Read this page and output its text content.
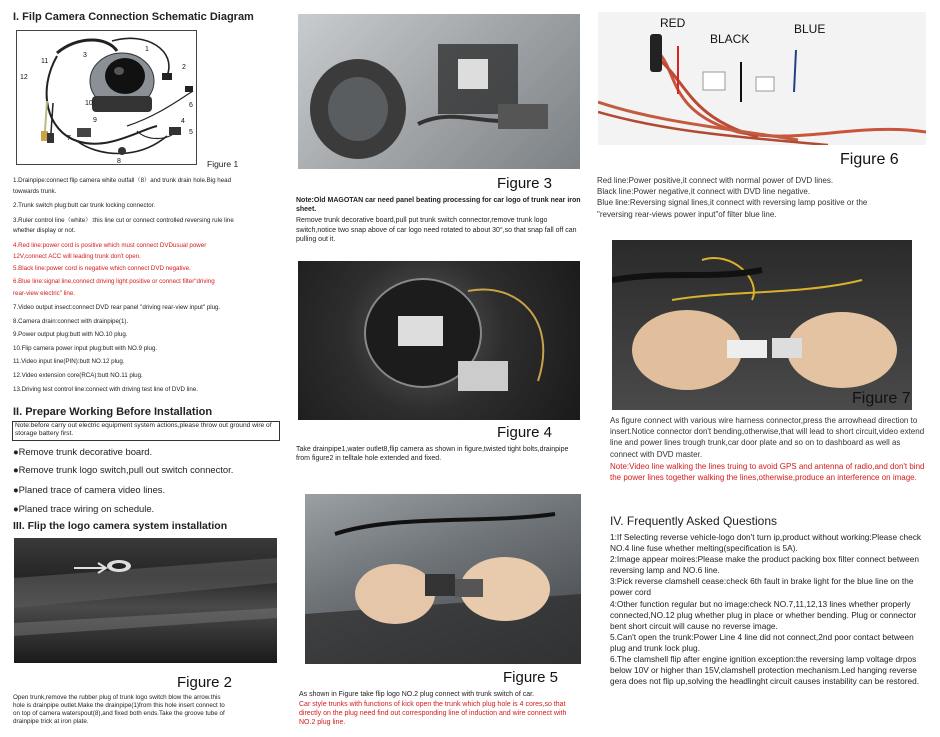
I. Filp Camera Connection Schematic Diagram
11
3
1
2
12
10	6
9	4
7
5
8	Figure 1
1.Drainpipe:connect flip camera white outfall（8）and trunk drain hole.Big head
towwards trunk.
2.Trunk switch plug:butt car trunk locking connector.
3.Ruler control line（white）:this line cut or connect controlled reversing rule line
whether display or not.
4.Red line:power cord is positive which must connect DVDusual power
12V,connect ACC will leading trunk don't open.
5.Black line:power cord is negative which connect DVD negative.
6.Blue line:signal line,connect driving light positive or connect filter"driving
rear-view electric" line.
7.Video output insect:connect DVD rear panel "driving rear-view input" plug.
8.Camera drain:connect with drainpipe(1).
9.Power output plug:butt with NO.10 plug.
10.Flip camera power input plug:butt with NO.9 plug.
11.Video input line(PIN):butt NO.12 plug.
12.Video extension core(RCA):butt NO.11 plug.
13.Driving test control line:connect with driving test line of DVD line.
II. Prepare Working Before Installation
Note:before carry out electric equipment system actions,please throw out ground wire of storage battery first.
●Remove trunk decorative board.
●Remove trunk logo switch,pull out switch connector.
●Planed trace of camera video lines.
●Planed trace wiring on schedule.
III. Flip the logo camera system installation
Figure 2
Open trunk,remove the rubber plug of trunk logo switch blow the arrow.this
hole is drainpipe outlet.Make the drainpipe(1)from this hole insert connect to
on top of camera waterspout(8),and fixed both ends.Take the groove tube of
drainpipe trick at iron plate.
Figure 3
Note:Old MAGOTAN car need panel beating processing for car logo of trunk near iron sheet.
Remove trunk decorative board,pull put trunk switch connector,remove trunk logo switch,notice two snap above of car logo need rotated to about 30°,so that snap fall off can pulling out it.
Figure 4
Take drainpipe1,water outlet8,flip camera as shown in figure,twisted tight bolts,drainpipe from figure2 in telltale hole extended and fixed.
Figure 5
As shown in Figure take flip logo NO.2 plug connect with trunk switch of car.
Car style trunks with functions of kick open the trunk which plug hole is 4 cores,so that directly on the plug need find out corresponding line of induction and wire connect with NO.2 plug line.
RED
BLACK
BLUE
Figure 6
Red line:Power positive,it connect with normal power of DVD lines.
Black line:Power negative,it connect with DVD line negative.
Blue line:Reversing signal lines,it connect with reversing lamp positive or the
"reversing rear-views power input"of filter blue line.
Figure 7
As figure connect with various wire harness connector,press the arrowhead direction to insert.Notice connector don't bending,otherwise,that will lead to short circuit,video extend line and power lines trough trunk,car door plate and so on to dashboard as well as connect with DVD master.
Note:Video line walking the lines truing to avoid GPS and antenna of radio,and don't bind the power lines together walking the lines,otherwise,produce an interference on image.
IV. Frequently Asked Questions
1:If Selecting reverse vehicle-logo don't turn ip,product without working:Please check NO.4 line fuse whether melting(specification is 5A).
2:Image appear moires:Please make the product packing box filter connect between reversing lamp and NO.6 line.
3:Pick reverse clamshell cease:check 6th fault in brake light for the blue line on the power cord
4:Other function regular but no image:check NO.7,11,12,13 lines whether properly connected,NO.12 plug whether plug in place or whether bending. Plug or connector bent short circuit will cause no reverse image.
5.Can't open the trunk:Power Line 4 line did not connect,2nd poor contact between plug and trunk lock plug.
6.The clamshell flip after engine ignition exception:the reversing lamp voltage drpos below 10V or higher than 15V,clamshell protection mechanism.Led hanging reverse gera does not flip up,solving the headlinght circuit causes instability can be restored.
